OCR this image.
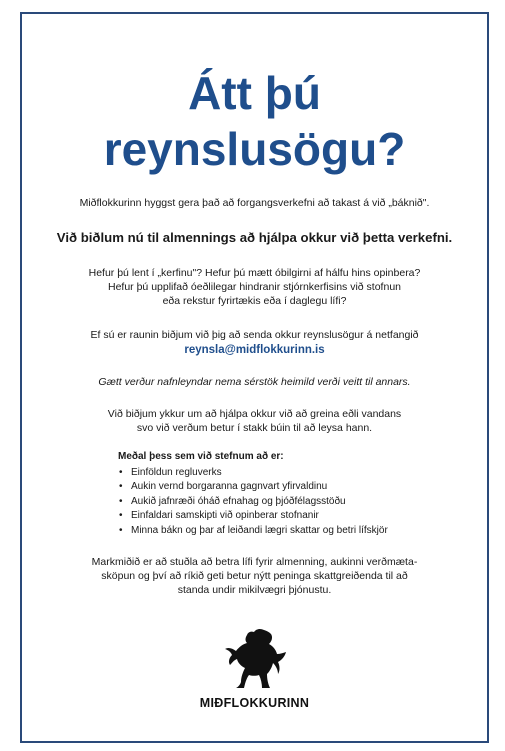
Átt þú
reynslusögu?

Miðflokkurinn hyggst gera það að forgangsverkefni að takast á við „báknið".

Við biðlum nú til almennings að hjálpa okkur við þetta verkefni.

Hefur þú lent í „kerfinu"? Hefur þú mætt óbilgirni af hálfu hins opinbera?

Hefur þú upplifað óeðlilegar hindranir stjórnkerfisins við stofnun

eða rekstur fyrirtækis eða í daglegu lífi?

Ef sú er raunin biðjum við þig að senda okkur reynslusögur á netfangið

reynsla@midflokkurinn.is

Gætt verður nafnleyndar nema sérstök heimild verði veitt til annars.

Við biðjum ykkur um að hjálpa okkur við að greina eðli vandans

svo við verðum betur í stakk búin til að leysa hann.

Meðal þess sem við stefnum að er:

• Einföldun regluverks
• Aukin vernd borgaranna gagnvart yfirvaldinu
• Aukið jafnræði óháð efnahag og þjóðfélagsstöðu
• Einfaldari samskipti við opinberar stofnanir
• Minna bákn og þar af leiðandi lægri skattar og betri lífskjör

Markmiðið er að stuðla að betra lífi fyrir almenning, aukinni verðmæta-

sköpun og því að ríkið geti betur nýtt peninga skattgreiðenda til að

standa undir mikilvægri þjónustu.

MIÐFLOKKURINN
